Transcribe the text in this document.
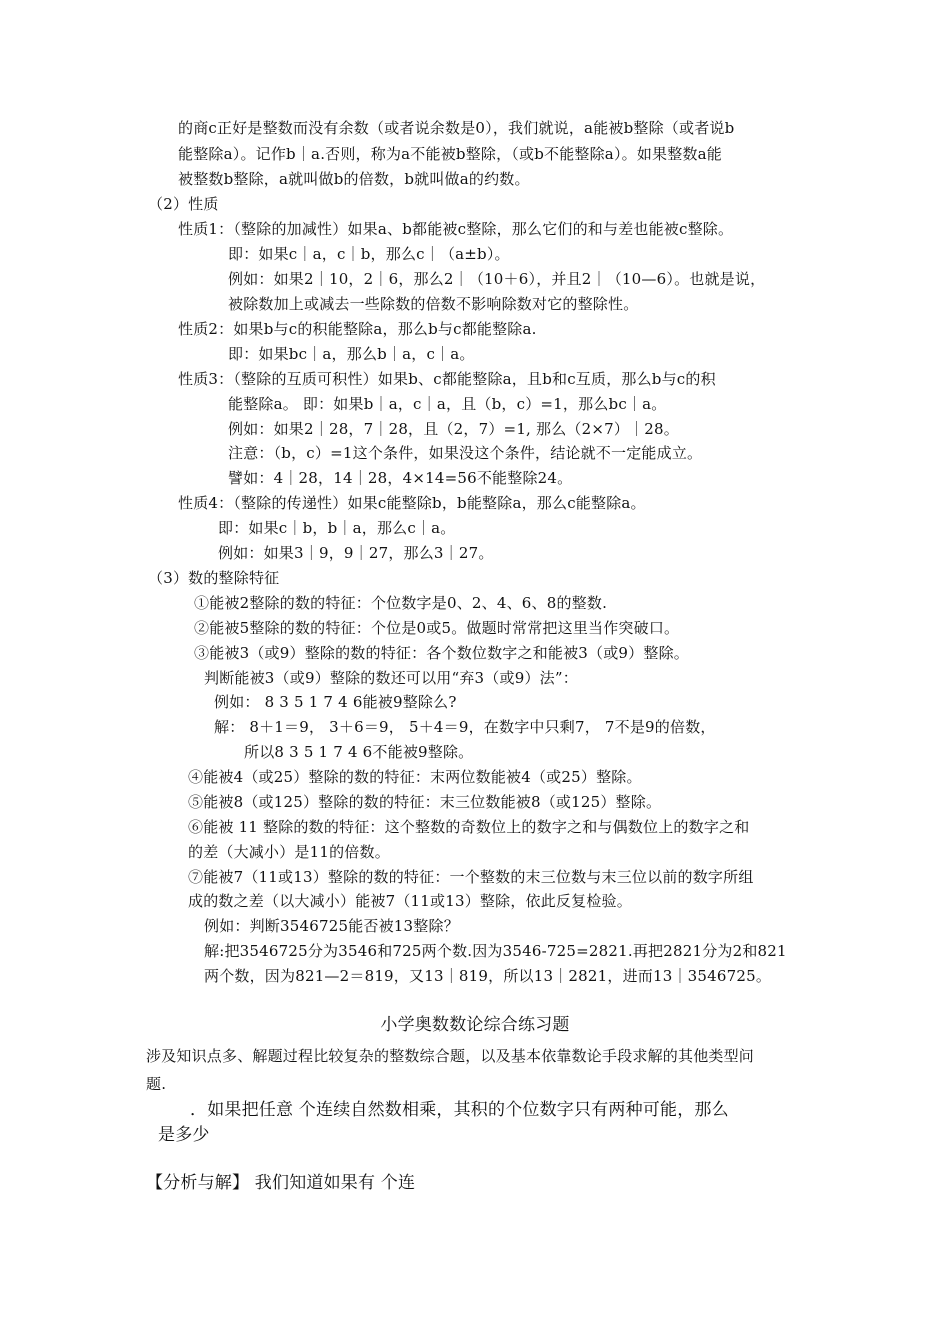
的商c正好是整数而没有余数（或者说余数是0），我们就说，a能被b整除（或者说b
能整除a）。记作b｜a.否则，称为a不能被b整除，（或b不能整除a）。如果整数a能
被整数b整除，a就叫做b的倍数，b就叫做a的约数。
（2）性质
性质1：（整除的加减性）如果a、b都能被c整除，那么它们的和与差也能被c整除。
即：如果c｜a，c｜b，那么c｜（a±b）。
例如：如果2｜10，2｜6，那么2｜（10＋6），并且2｜（10—6）。也就是说，
被除数加上或减去一些除数的倍数不影响除数对它的整除性。
性质2：如果b与c的积能整除a，那么b与c都能整除a.
即：如果bc｜a，那么b｜a，c｜a。
性质3：（整除的互质可积性）如果b、c都能整除a，且b和c互质，那么b与c的积
能整除a。 即：如果b｜a，c｜a，且（b，c）=1，那么bc｜a。
例如：如果2｜28，7｜28，且（2，7）=1, 那么（2×7）｜28。
注意：（b，c）=1这个条件，如果没这个条件，结论就不一定能成立。
譬如：4｜28，14｜28，4×14=56不能整除24。
性质4：（整除的传递性）如果c能整除b，b能整除a，那么c能整除a。
即：如果c｜b，b｜a，那么c｜a。
例如：如果3｜9，9｜27，那么3｜27。
（3）数的整除特征
①能被2整除的数的特征：个位数字是0、2、4、6、8的整数.
②能被5整除的数的特征：个位是0或5。做题时常常把这里当作突破口。
③能被3（或9）整除的数的特征：各个数位数字之和能被3（或9）整除。
判断能被3（或9）整除的数还可以用“弃3（或9）法”：
例如： 8 3 5 1 7 4 6能被9整除么?
解： 8＋1＝9， 3＋6＝9， 5＋4＝9，在数字中只剩7， 7不是9的倍数，
所以8 3 5 1 7 4 6不能被9整除。
④能被4（或25）整除的数的特征：末两位数能被4（或25）整除。
⑤能被8（或125）整除的数的特征：末三位数能被8（或125）整除。
⑥能被 11 整除的数的特征：这个整数的奇数位上的数字之和与偶数位上的数字之和
的差（大减小）是11的倍数。
⑦能被7（11或13）整除的数的特征：一个整数的末三位数与末三位以前的数字所组
成的数之差（以大减小）能被7（11或13）整除，依此反复检验。
例如：判断3546725能否被13整除？
解:把3546725分为3546和725两个数.因为3546-725=2821.再把2821分为2和821
两个数，因为821—2＝819，又13｜819，所以13｜2821，进而13｜3546725。
小学奥数数论综合练习题
涉及知识点多、解题过程比较复杂的整数综合题，以及基本依靠数论手段求解的其他类型问
题.
．如果把任意 个连续自然数相乘，其积的个位数字只有两种可能，那么
是多少
【分析与解】 我们知道如果有 个连
